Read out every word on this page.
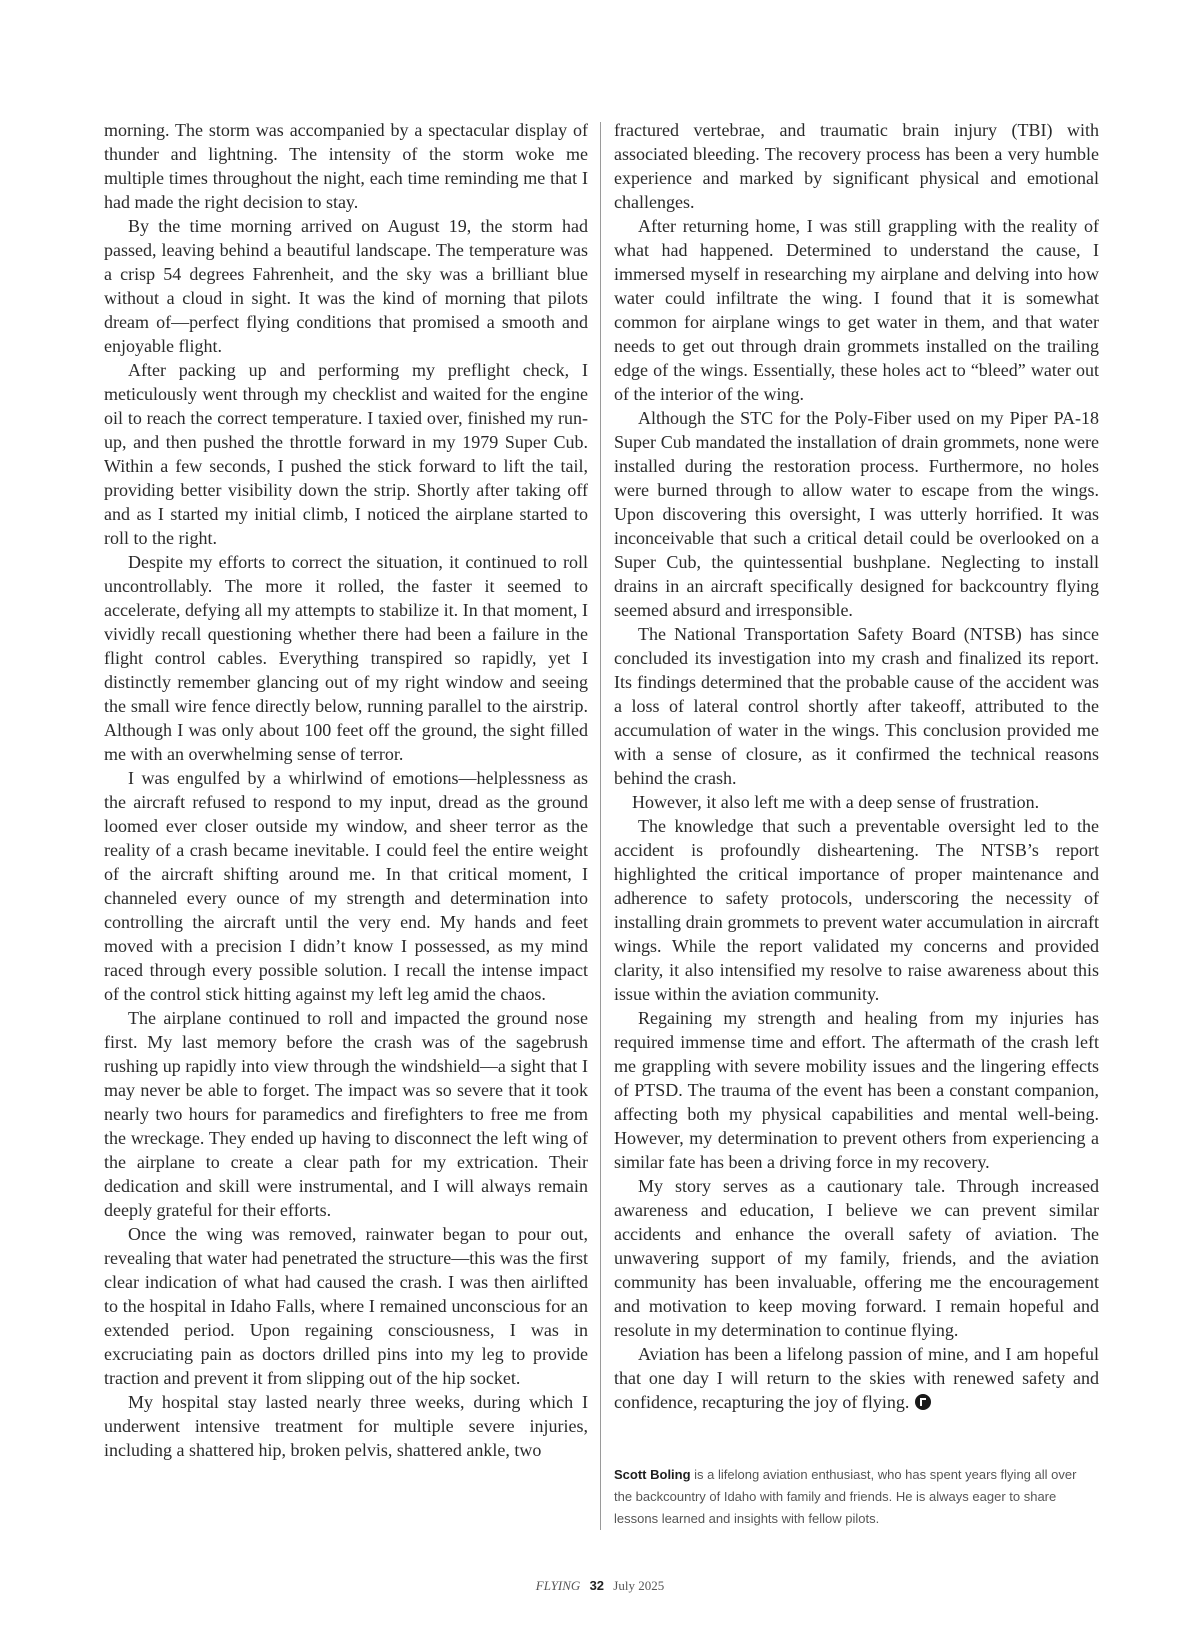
morning. The storm was accompanied by a spectacular display of thunder and lightning. The intensity of the storm woke me multiple times throughout the night, each time reminding me that I had made the right decision to stay.

By the time morning arrived on August 19, the storm had passed, leaving behind a beautiful landscape. The temperature was a crisp 54 degrees Fahrenheit, and the sky was a brilliant blue without a cloud in sight. It was the kind of morning that pilots dream of—perfect flying conditions that promised a smooth and enjoyable flight.

After packing up and performing my preflight check, I meticulously went through my checklist and waited for the engine oil to reach the correct temperature. I taxied over, finished my run-up, and then pushed the throttle forward in my 1979 Super Cub. Within a few seconds, I pushed the stick forward to lift the tail, providing better visibility down the strip. Shortly after taking off and as I started my initial climb, I noticed the airplane started to roll to the right.

Despite my efforts to correct the situation, it continued to roll uncontrollably. The more it rolled, the faster it seemed to accelerate, defying all my attempts to stabilize it. In that moment, I vividly recall questioning whether there had been a failure in the flight control cables. Everything transpired so rapidly, yet I distinctly remember glancing out of my right window and seeing the small wire fence directly below, running parallel to the airstrip. Although I was only about 100 feet off the ground, the sight filled me with an overwhelming sense of terror.

I was engulfed by a whirlwind of emotions—helplessness as the aircraft refused to respond to my input, dread as the ground loomed ever closer outside my window, and sheer terror as the reality of a crash became inevitable. I could feel the entire weight of the aircraft shifting around me. In that critical moment, I channeled every ounce of my strength and determination into controlling the aircraft until the very end. My hands and feet moved with a precision I didn’t know I possessed, as my mind raced through every possible solution. I recall the intense impact of the control stick hitting against my left leg amid the chaos.

The airplane continued to roll and impacted the ground nose first. My last memory before the crash was of the sagebrush rushing up rapidly into view through the windshield—a sight that I may never be able to forget. The impact was so severe that it took nearly two hours for paramedics and firefighters to free me from the wreckage. They ended up having to disconnect the left wing of the airplane to create a clear path for my extrication. Their dedication and skill were instrumental, and I will always remain deeply grateful for their efforts.

Once the wing was removed, rainwater began to pour out, revealing that water had penetrated the structure—this was the first clear indication of what had caused the crash. I was then airlifted to the hospital in Idaho Falls, where I remained unconscious for an extended period. Upon regaining consciousness, I was in excruciating pain as doctors drilled pins into my leg to provide traction and prevent it from slipping out of the hip socket.

My hospital stay lasted nearly three weeks, during which I underwent intensive treatment for multiple severe injuries, including a shattered hip, broken pelvis, shattered ankle, two

fractured vertebrae, and traumatic brain injury (TBI) with associated bleeding. The recovery process has been a very humble experience and marked by significant physical and emotional challenges.

After returning home, I was still grappling with the reality of what had happened. Determined to understand the cause, I immersed myself in researching my airplane and delving into how water could infiltrate the wing. I found that it is somewhat common for airplane wings to get water in them, and that water needs to get out through drain grommets installed on the trailing edge of the wings. Essentially, these holes act to “bleed” water out of the interior of the wing.

Although the STC for the Poly-Fiber used on my Piper PA-18 Super Cub mandated the installation of drain grommets, none were installed during the restoration process. Furthermore, no holes were burned through to allow water to escape from the wings. Upon discovering this oversight, I was utterly horrified. It was inconceivable that such a critical detail could be overlooked on a Super Cub, the quintessential bushplane. Neglecting to install drains in an aircraft specifically designed for backcountry flying seemed absurd and irresponsible.

The National Transportation Safety Board (NTSB) has since concluded its investigation into my crash and finalized its report. Its findings determined that the probable cause of the accident was a loss of lateral control shortly after takeoff, attributed to the accumulation of water in the wings. This conclusion provided me with a sense of closure, as it confirmed the technical reasons behind the crash.

However, it also left me with a deep sense of frustration.

The knowledge that such a preventable oversight led to the accident is profoundly disheartening. The NTSB’s report highlighted the critical importance of proper maintenance and adherence to safety protocols, underscoring the necessity of installing drain grommets to prevent water accumulation in aircraft wings. While the report validated my concerns and provided clarity, it also intensified my resolve to raise awareness about this issue within the aviation community.

Regaining my strength and healing from my injuries has required immense time and effort. The aftermath of the crash left me grappling with severe mobility issues and the lingering effects of PTSD. The trauma of the event has been a constant companion, affecting both my physical capabilities and mental well-being. However, my determination to prevent others from experiencing a similar fate has been a driving force in my recovery.

My story serves as a cautionary tale. Through increased awareness and education, I believe we can prevent similar accidents and enhance the overall safety of aviation. The unwavering support of my family, friends, and the aviation community has been invaluable, offering me the encouragement and motivation to keep moving forward. I remain hopeful and resolute in my determination to continue flying.

Aviation has been a lifelong passion of mine, and I am hopeful that one day I will return to the skies with renewed safety and confidence, recapturing the joy of flying.

Scott Boling is a lifelong aviation enthusiast, who has spent years flying all over the backcountry of Idaho with family and friends. He is always eager to share lessons learned and insights with fellow pilots.
FLYING 32 July 2025
